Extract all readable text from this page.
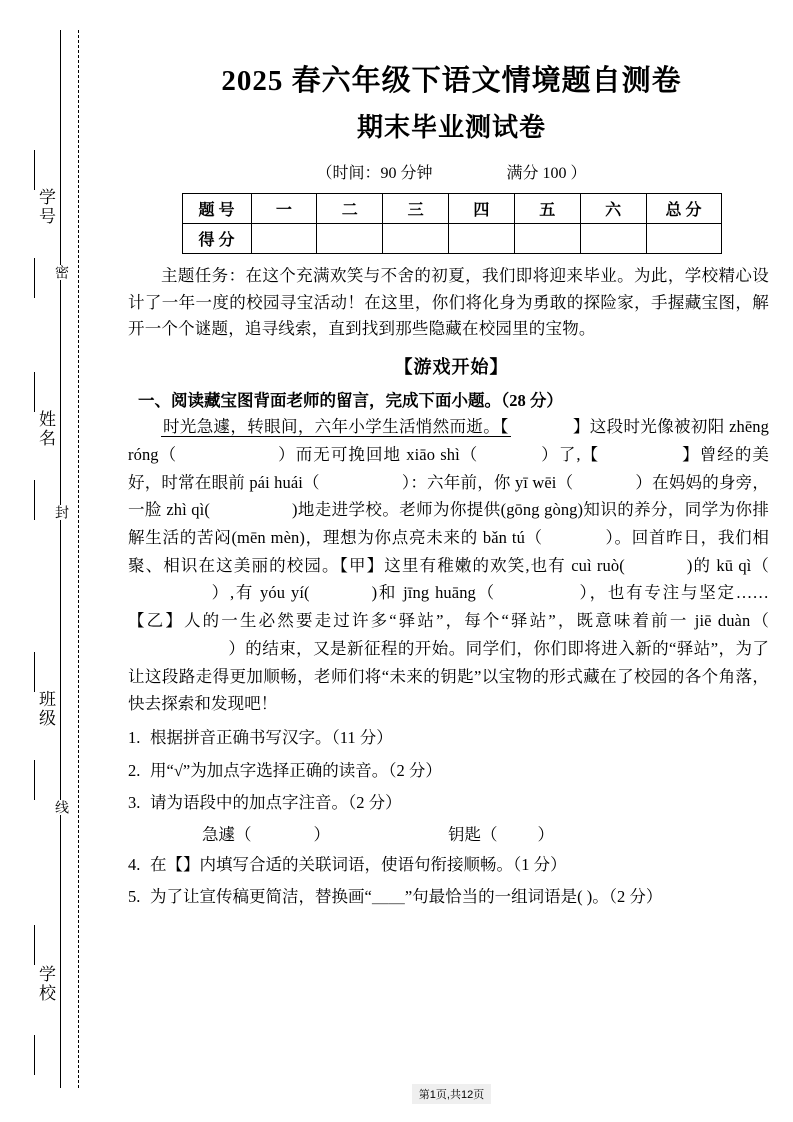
学号
姓名
班级
学校
密
封
线
2025 春六年级下语文情境题自测卷
期末毕业测试卷
（时间：90 分钟	满分 100 ）
题 号	一	二	三	四	五	六	总 分
得 分							

主题任务：在这个充满欢笑与不舍的初夏，我们即将迎来毕业。为此，学校精心设计了一年一度的校园寻宝活动！在这里，你们将化身为勇敢的探险家，手握藏宝图，解开一个个谜题，追寻线索，直到找到那些隐藏在校园里的宝物。

【游戏开始】
一、阅读藏宝图背面老师的留言，完成下面小题。（28 分）
时光急遽，转眼间，六年小学生活悄然而逝。【	】这段时光像被初阳 zhēng róng（	）而无可挽回地 xiāo shì（	）了,【	】曾经的美好，时常在眼前 pái huái（	）：六年前，你 yī wēi（	）在妈妈的身旁，一脸 zhì qì(	)地走进学校。老师为你提供(gōng gòng)知识的养分，同学为你排解生活的苦闷(mēn mèn)，理想为你点亮未来的 bǎn tú（	）。回首昨日，我们相聚、相识在这美丽的校园。【甲】这里有稚嫩的欢笑,也有 cuì ruò(	)的 kū qì（）,有 yóu yí(	)和 jīng huāng（	），也有专注与坚定……【乙】人的一生必然要走过许多“驿站”，每个“驿站”，既意味着前一 jiē duàn（）的结束，又是新征程的开始。同学们，你们即将进入新的“驿站”，为了让这段路走得更加顺畅，老师们将“未来的钥匙”以宝物的形式藏在了校园的各个角落，快去探索和发现吧！
1. 根据拼音正确书写汉字。（11 分）
2. 用“√”为加点字选择正确的读音。（2 分）
3. 请为语段中的加点字注音。（2 分）
急遽（	）	钥匙（ ）
4. 在【】内填写合适的关联词语，使语句衔接顺畅。（1 分）
5. 为了让宣传稿更简洁，替换画“＿＿”句最恰当的一组词语是( )。（2 分）
第1页,共12页
